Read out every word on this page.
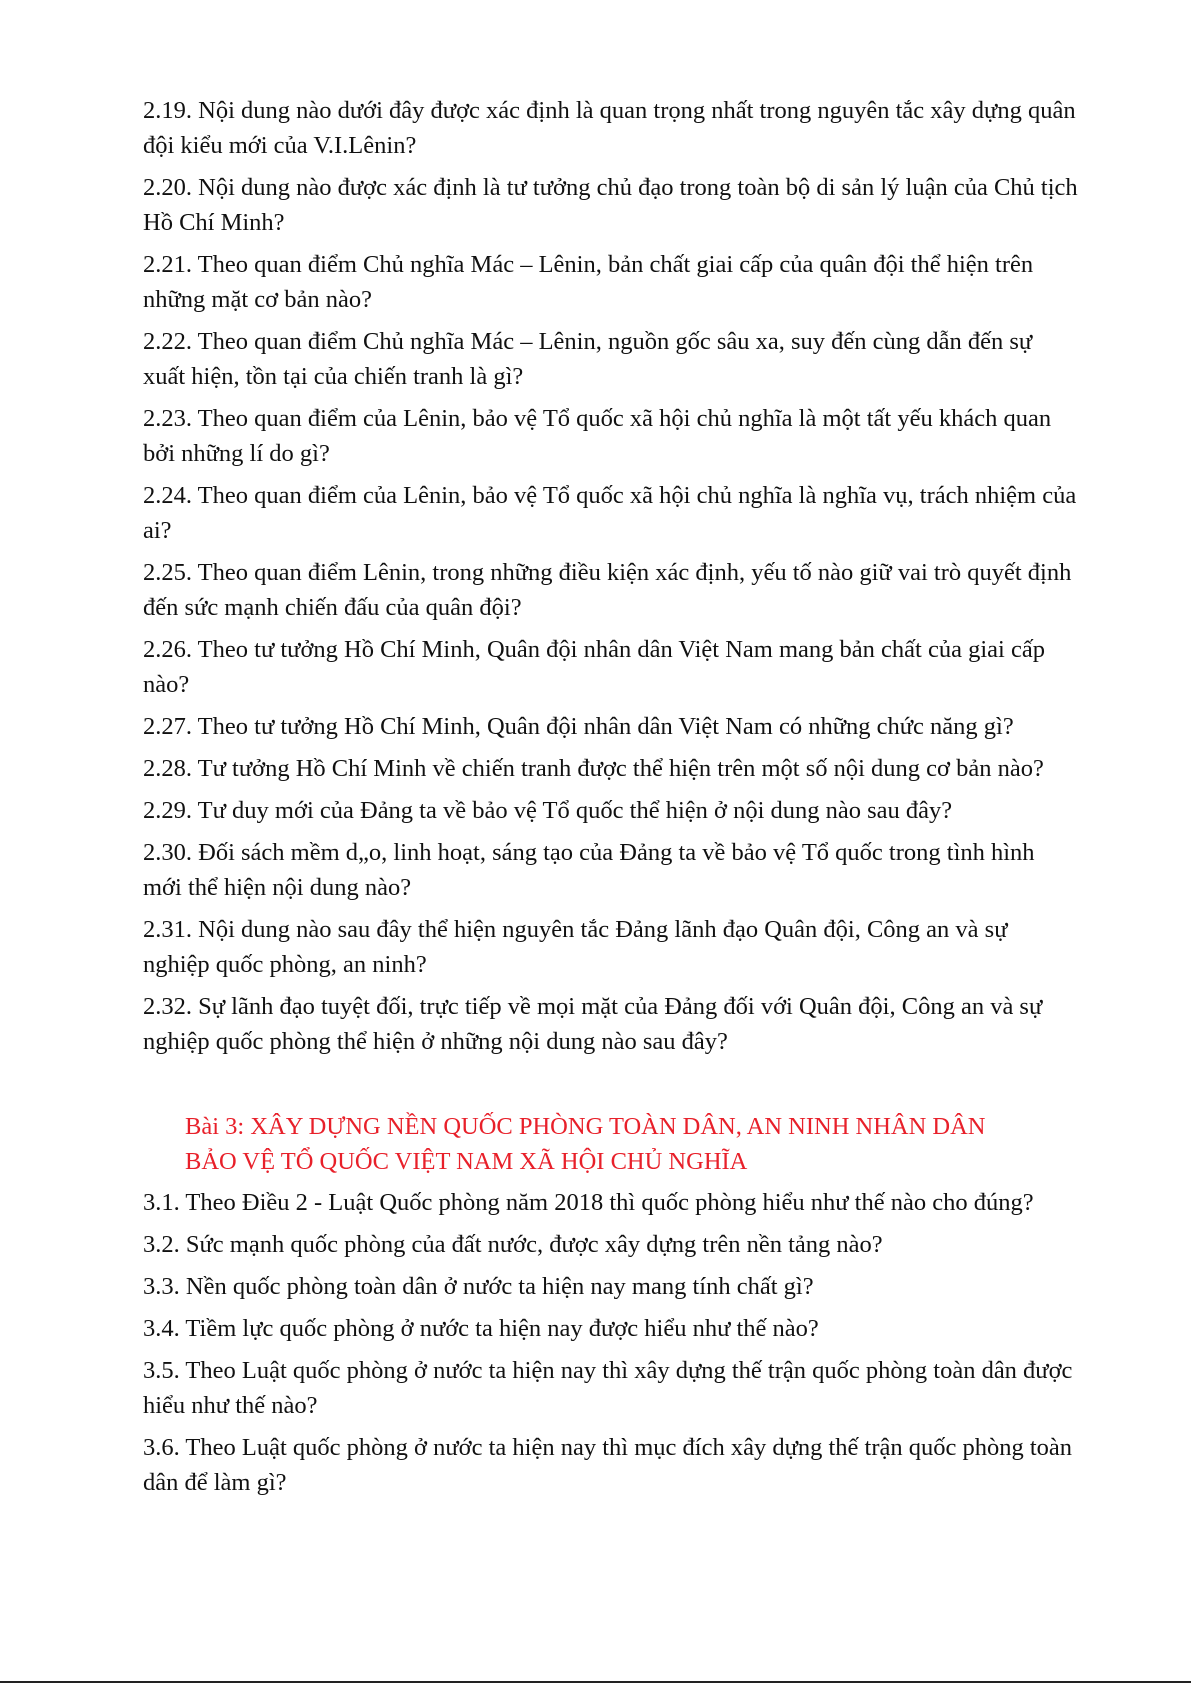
2.19. Nội dung nào dưới đây được xác định là quan trọng nhất trong nguyên tắc xây dựng quân đội kiểu mới của V.I.Lênin?

2.20. Nội dung nào được xác định là tư tưởng chủ đạo trong toàn bộ di sản lý luận của Chủ tịch Hồ Chí Minh?

2.21. Theo quan điểm Chủ nghĩa Mác – Lênin, bản chất giai cấp của quân đội thể hiện trên những mặt cơ bản nào?

2.22. Theo quan điểm Chủ nghĩa Mác – Lênin, nguồn gốc sâu xa, suy đến cùng dẫn đến sự xuất hiện, tồn tại của chiến tranh là gì?

2.23. Theo quan điểm của Lênin, bảo vệ Tổ quốc xã hội chủ nghĩa là một tất yếu khách quan bởi những lí do gì?

2.24. Theo quan điểm của Lênin, bảo vệ Tổ quốc xã hội chủ nghĩa là nghĩa vụ, trách nhiệm của ai?

2.25. Theo quan điểm Lênin, trong những điều kiện xác định, yếu tố nào giữ vai trò quyết định đến sức mạnh chiến đấu của quân đội?

2.26. Theo tư tưởng Hồ Chí Minh, Quân đội nhân dân Việt Nam mang bản chất của giai cấp nào?

2.27. Theo tư tưởng Hồ Chí Minh, Quân đội nhân dân Việt Nam có những chức năng gì?

2.28. Tư tưởng Hồ Chí Minh về chiến tranh được thể hiện trên một số nội dung cơ bản nào?

2.29. Tư duy mới của Đảng ta về bảo vệ Tổ quốc thể hiện ở nội dung nào sau đây?

2.30. Đối sách mềm d„o, linh hoạt, sáng tạo của Đảng ta về bảo vệ Tổ quốc trong tình hình mới thể hiện nội dung nào?

2.31. Nội dung nào sau đây thể hiện nguyên tắc Đảng lãnh đạo Quân đội, Công an và sự nghiệp quốc phòng, an ninh?

2.32. Sự lãnh đạo tuyệt đối, trực tiếp về mọi mặt của Đảng đối với Quân đội, Công an và sự nghiệp quốc phòng thể hiện ở những nội dung nào sau đây?

Bài 3: XÂY DỰNG NỀN QUỐC PHÒNG TOÀN DÂN, AN NINH NHÂN DÂN
BẢO VỆ TỔ QUỐC VIỆT NAM XÃ HỘI CHỦ NGHĨA

3.1. Theo Điều 2 - Luật Quốc phòng năm 2018 thì quốc phòng hiểu như thế nào cho đúng?

3.2. Sức mạnh quốc phòng của đất nước, được xây dựng trên nền tảng nào?

3.3. Nền quốc phòng toàn dân ở nước ta hiện nay mang tính chất gì?

3.4. Tiềm lực quốc phòng ở nước ta hiện nay được hiểu như thế nào?

3.5. Theo Luật quốc phòng ở nước ta hiện nay thì xây dựng thế trận quốc phòng toàn dân được hiểu như thế nào?

3.6. Theo Luật quốc phòng ở nước ta hiện nay thì mục đích xây dựng thế trận quốc phòng toàn dân để làm gì?
